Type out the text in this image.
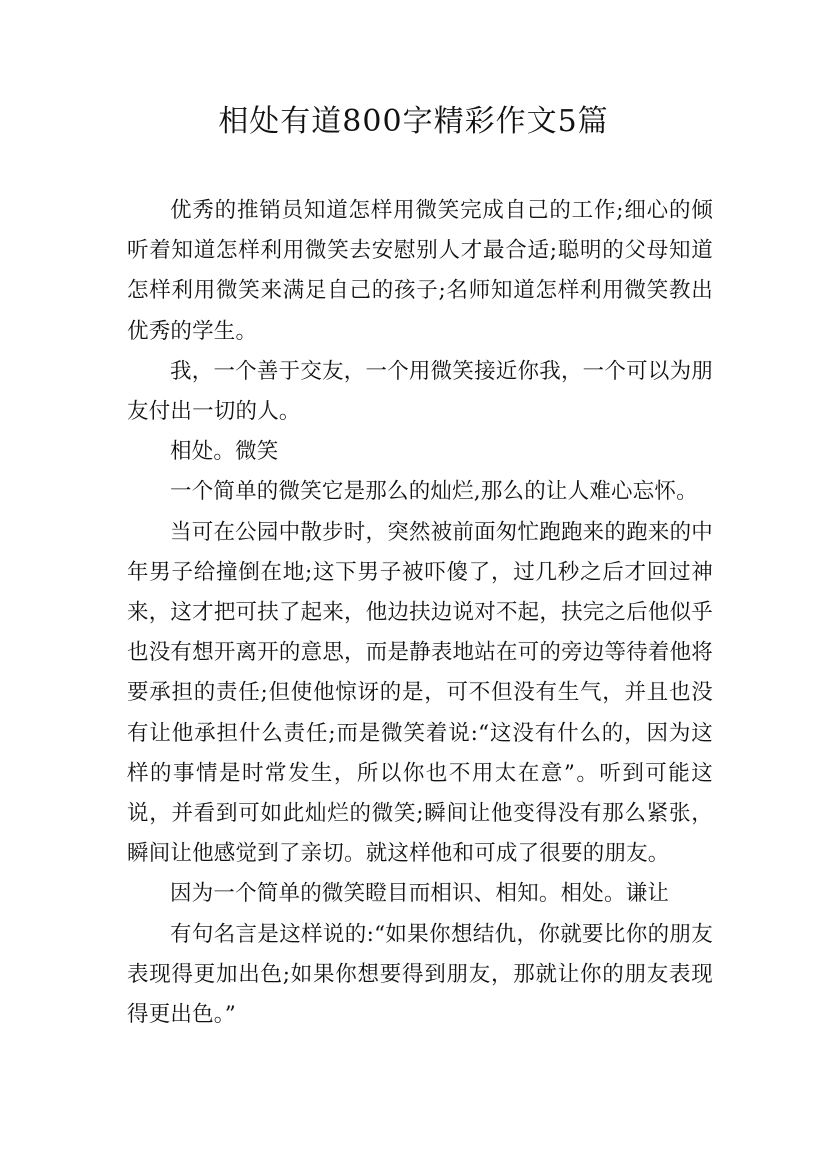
相处有道800字精彩作文5篇

优秀的推销员知道怎样用微笑完成自己的工作;细心的倾听着知道怎样利用微笑去安慰别人才最合适;聪明的父母知道怎样利用微笑来满足自己的孩子;名师知道怎样利用微笑教出优秀的学生。

我，一个善于交友，一个用微笑接近你我，一个可以为朋友付出一切的人。

相处。微笑

一个简单的微笑它是那么的灿烂,那么的让人难心忘怀。

当可在公园中散步时，突然被前面匆忙跑跑来的跑来的中年男子给撞倒在地;这下男子被吓傻了，过几秒之后才回过神来，这才把可扶了起来，他边扶边说对不起，扶完之后他似乎也没有想开离开的意思，而是静表地站在可的旁边等待着他将要承担的责任;但使他惊讶的是，可不但没有生气，并且也没有让他承担什么责任;而是微笑着说:“这没有什么的，因为这样的事情是时常发生，所以你也不用太在意”。听到可能这说，并看到可如此灿烂的微笑;瞬间让他变得没有那么紧张，瞬间让他感觉到了亲切。就这样他和可成了很要的朋友。

因为一个简单的微笑瞪目而相识、相知。相处。谦让

有句名言是这样说的:“如果你想结仇，你就要比你的朋友表现得更加出色;如果你想要得到朋友，那就让你的朋友表现得更出色。”
